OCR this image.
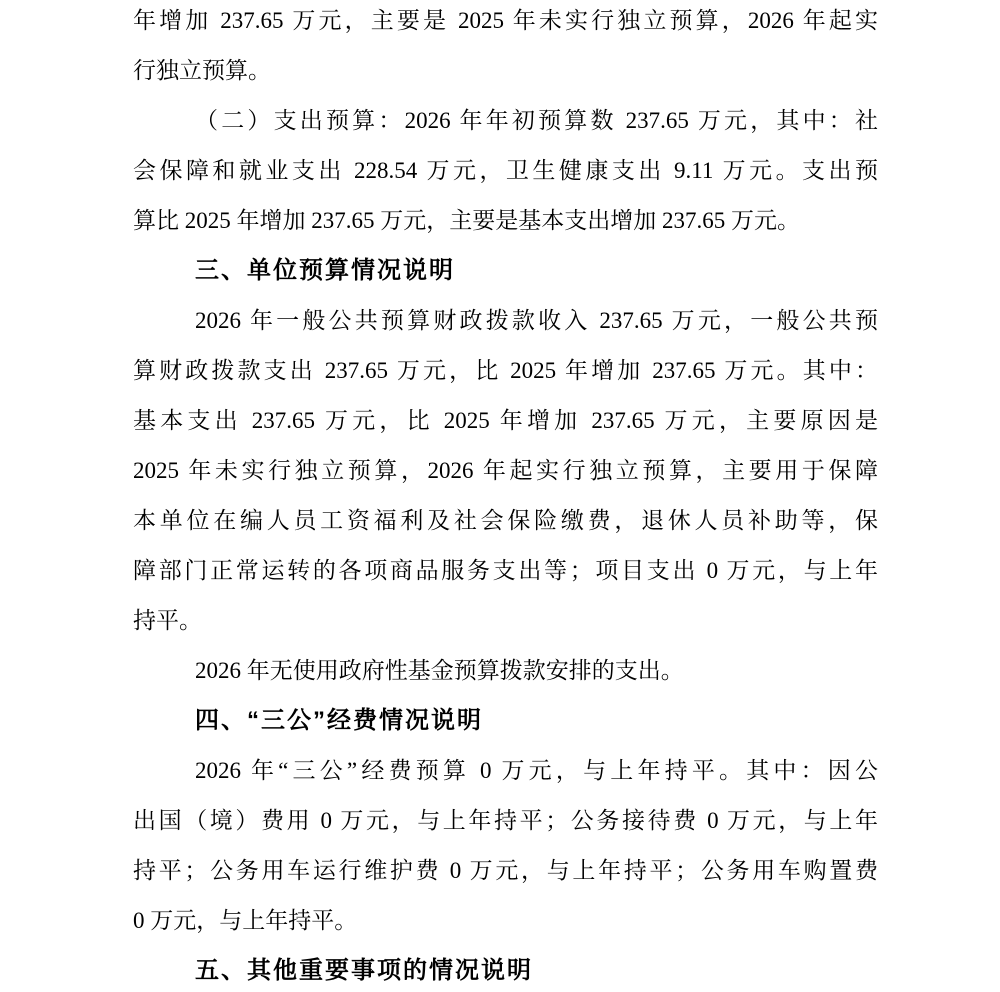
年增加 237.65 万元，主要是 2025 年未实行独立预算，2026 年起实
行独立预算。
（二）支出预算：2026 年年初预算数 237.65 万元，其中：社
会保障和就业支出 228.54 万元，卫生健康支出 9.11 万元。支出预
算比 2025 年增加 237.65 万元，主要是基本支出增加 237.65 万元。
三、单位预算情况说明
2026 年一般公共预算财政拨款收入 237.65 万元，一般公共预
算财政拨款支出 237.65 万元，比 2025 年增加 237.65 万元。其中：
基本支出 237.65 万元，比 2025 年增加 237.65 万元，主要原因是
2025 年未实行独立预算，2026 年起实行独立预算，主要用于保障
本单位在编人员工资福利及社会保险缴费，退休人员补助等，保
障部门正常运转的各项商品服务支出等；项目支出 0 万元，与上年
持平。
2026 年无使用政府性基金预算拨款安排的支出。
四、“三公”经费情况说明
2026 年“三公”经费预算 0 万元，与上年持平。其中：因公
出国（境）费用 0 万元，与上年持平；公务接待费 0 万元，与上年
持平；公务用车运行维护费 0 万元，与上年持平；公务用车购置费
0 万元，与上年持平。
五、其他重要事项的情况说明
